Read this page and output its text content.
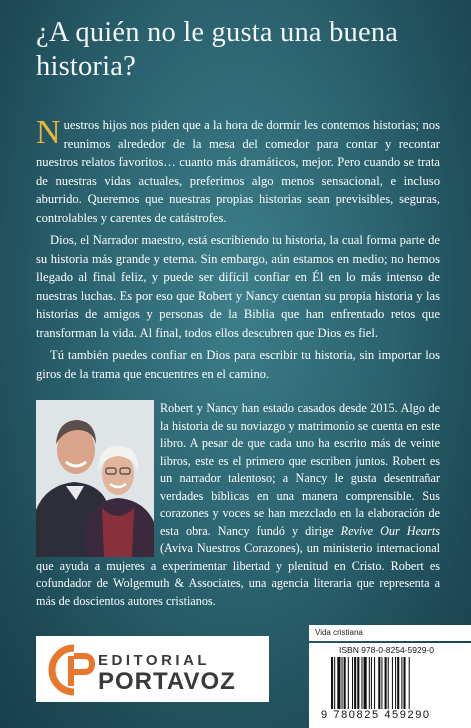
¿A quién no le gusta una buena historia?

Nuestros hijos nos piden que a la hora de dormir les contemos historias; nos reunimos alrededor de la mesa del comedor para contar y recontar nuestros relatos favoritos… cuanto más dramáticos, mejor. Pero cuando se trata de nuestras vidas actuales, preferimos algo menos sensacional, e incluso aburrido. Queremos que nuestras propias historias sean previsibles, seguras, controlables y carentes de catástrofes.

Dios, el Narrador maestro, está escribiendo tu historia, la cual forma parte de su historia más grande y eterna. Sin embargo, aún estamos en medio; no hemos llegado al final feliz, y puede ser difícil confiar en Él en lo más intenso de nuestras luchas. Es por eso que Robert y Nancy cuentan su propia historia y las historias de amigos y personas de la Biblia que han enfrentado retos que transforman la vida. Al final, todos ellos descubren que Dios es fiel.

Tú también puedes confiar en Dios para escribir tu historia, sin importar los giros de la trama que encuentres en el camino.

Robert y Nancy han estado casados desde 2015. Algo de la historia de su noviazgo y matrimonio se cuenta en este libro. A pesar de que cada uno ha escrito más de veinte libros, este es el primero que escriben juntos. Robert es un narrador talentoso; a Nancy le gusta desentrañar verdades bíblicas en una manera comprensible. Sus corazones y voces se han mezclado en la elaboración de esta obra. Nancy fundó y dirige Revive Our Hearts (Aviva Nuestros Corazones), un ministerio internacional que ayuda a mujeres a experimentar libertad y plenitud en Cristo. Robert es cofundador de Wolgemuth & Associates, una agencia literaria que representa a más de doscientos autores cristianos.
EDITORIAL
PORTAVOZ
Vida cristiana
ISBN 978-0-8254-5929-0
9 780825 459290
